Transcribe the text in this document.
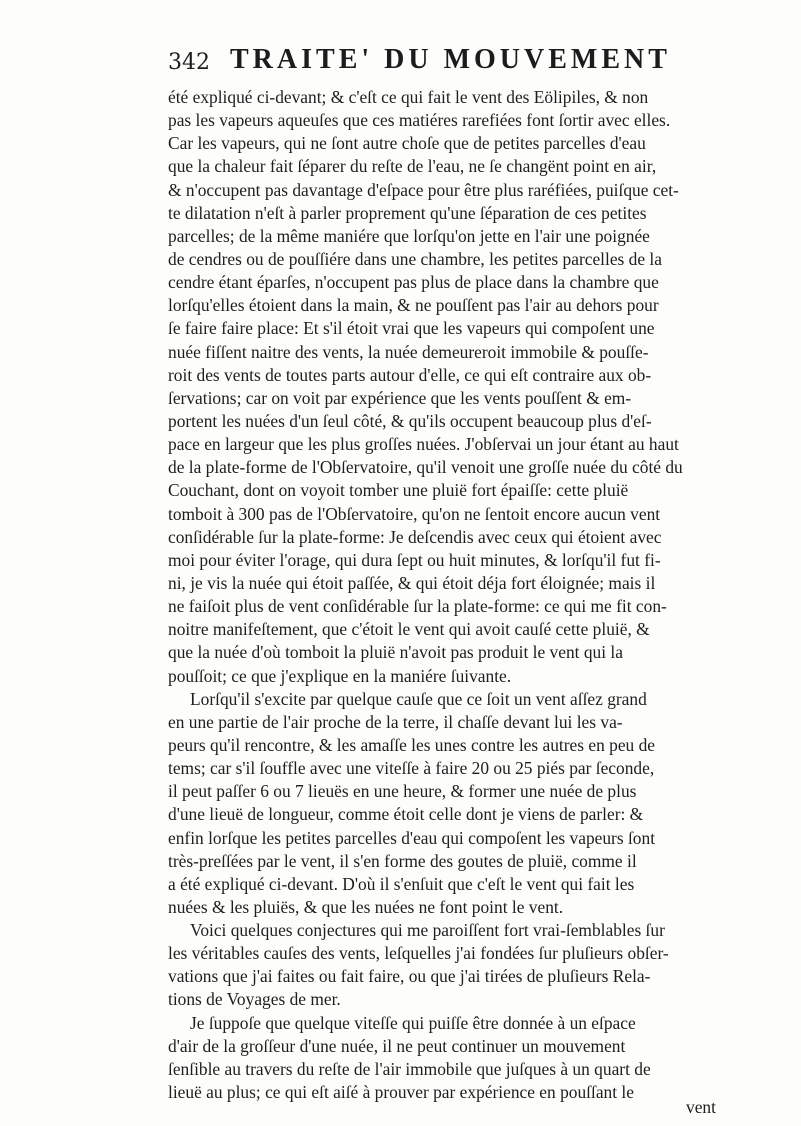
342 TRAITE' DU MOUVEMENT
été expliqué ci-devant; & c'eſt ce qui fait le vent des Eölipiles, & non
pas les vapeurs aqueuſes que ces matiéres rarefiées font ſortir avec elles.
Car les vapeurs, qui ne ſont autre choſe que de petites parcelles d'eau
que la chaleur fait ſéparer du reſte de l'eau, ne ſe changënt point en air,
& n'occupent pas davantage d'eſpace pour être plus raréfiées, puiſque cet-
te dilatation n'eſt à parler proprement qu'une ſéparation de ces petites
parcelles; de la même maniére que lorſqu'on jette en l'air une poignée
de cendres ou de pouſſiére dans une chambre, les petites parcelles de la
cendre étant éparſes, n'occupent pas plus de place dans la chambre que
lorſqu'elles étoient dans la main, & ne pouſſent pas l'air au dehors pour
ſe faire faire place: Et s'il étoit vrai que les vapeurs qui compoſent une
nuée fiſſent naitre des vents, la nuée demeureroit immobile & pouſſe-
roit des vents de toutes parts autour d'elle, ce qui eſt contraire aux ob-
ſervations; car on voit par expérience que les vents pouſſent & em-
portent les nuées d'un ſeul côté, & qu'ils occupent beaucoup plus d'eſ-
pace en largeur que les plus groſſes nuées. J'obſervai un jour étant au haut
de la plate-forme de l'Obſervatoire, qu'il venoit une groſſe nuée du côté du
Couchant, dont on voyoit tomber une pluië fort épaiſſe: cette pluië
tomboit à 300 pas de l'Obſervatoire, qu'on ne ſentoit encore aucun vent
conſidérable ſur la plate-forme: Je deſcendis avec ceux qui étoient avec
moi pour éviter l'orage, qui dura ſept ou huit minutes, & lorſqu'il fut fi-
ni, je vis la nuée qui étoit paſſée, & qui étoit déja fort éloignée; mais il
ne faiſoit plus de vent conſidérable ſur la plate-forme: ce qui me fit con-
noitre manifeſtement, que c'étoit le vent qui avoit cauſé cette pluië, &
que la nuée d'où tomboit la pluië n'avoit pas produit le vent qui la
pouſſoit; ce que j'explique en la maniére ſuivante.
Lorſqu'il s'excite par quelque cauſe que ce ſoit un vent aſſez grand
en une partie de l'air proche de la terre, il chaſſe devant lui les va-
peurs qu'il rencontre, & les amaſſe les unes contre les autres en peu de
tems; car s'il ſouffle avec une viteſſe à faire 20 ou 25 piés par ſeconde,
il peut paſſer 6 ou 7 lieuës en une heure, & former une nuée de plus
d'une lieuë de longueur, comme étoit celle dont je viens de parler: &
enfin lorſque les petites parcelles d'eau qui compoſent les vapeurs ſont
très-preſſées par le vent, il s'en forme des goutes de pluië, comme il
a été expliqué ci-devant. D'où il s'enſuit que c'eſt le vent qui fait les
nuées & les pluiës, & que les nuées ne font point le vent.
Voici quelques conjectures qui me paroiſſent fort vrai-ſemblables ſur
les véritables cauſes des vents, leſquelles j'ai fondées ſur pluſieurs obſer-
vations que j'ai faites ou fait faire, ou que j'ai tirées de pluſieurs Rela-
tions de Voyages de mer.
Je ſuppoſe que quelque viteſſe qui puiſſe être donnée à un eſpace
d'air de la groſſeur d'une nuée, il ne peut continuer un mouvement
ſenſible au travers du reſte de l'air immobile que juſques à un quart de
lieuë au plus; ce qui eſt aiſé à prouver par expérience en pouſſant le
vent
